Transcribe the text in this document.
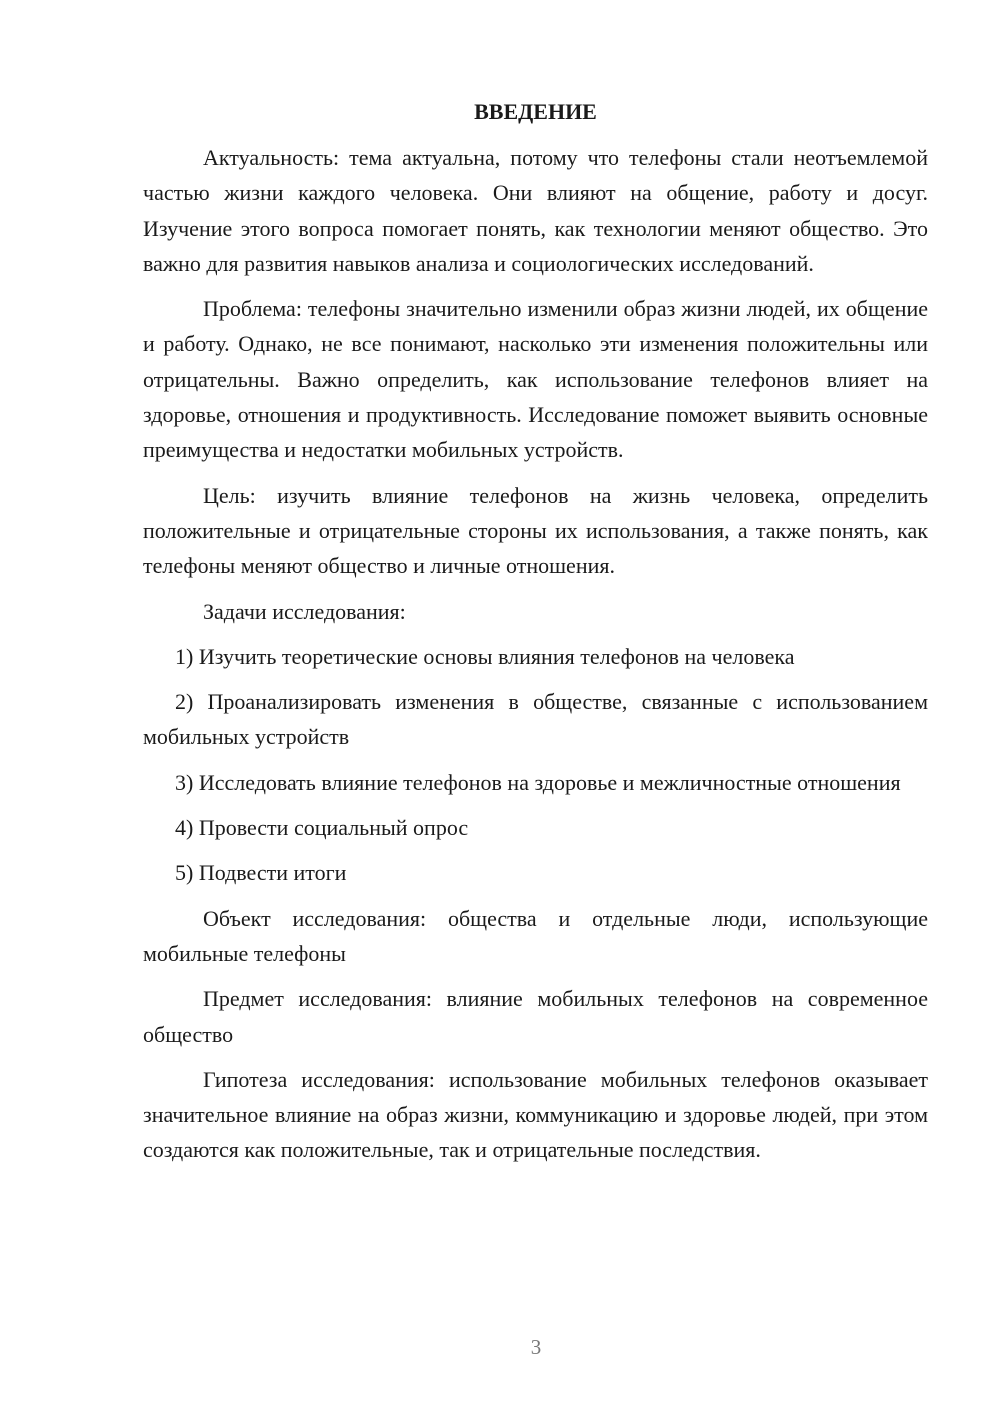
ВВЕДЕНИЕ

Актуальность: тема актуальна, потому что телефоны стали неотъемлемой частью жизни каждого человека. Они влияют на общение, работу и досуг. Изучение этого вопроса помогает понять, как технологии меняют общество. Это важно для развития навыков анализа и социологических исследований.

Проблема: телефоны значительно изменили образ жизни людей, их общение и работу. Однако, не все понимают, насколько эти изменения положительны или отрицательны. Важно определить, как использование телефонов влияет на здоровье, отношения и продуктивность. Исследование поможет выявить основные преимущества и недостатки мобильных устройств.

Цель: изучить влияние телефонов на жизнь человека, определить положительные и отрицательные стороны их использования, а также понять, как телефоны меняют общество и личные отношения.

Задачи исследования:

1) Изучить теоретические основы влияния телефонов на человека

2) Проанализировать изменения в обществе, связанные с использованием мобильных устройств

3) Исследовать влияние телефонов на здоровье и межличностные отношения

4) Провести социальный опрос

5) Подвести итоги

Объект исследования: общества и отдельные люди, использующие мобильные телефоны

Предмет исследования: влияние мобильных телефонов на современное общество

Гипотеза исследования: использование мобильных телефонов оказывает значительное влияние на образ жизни, коммуникацию и здоровье людей, при этом создаются как положительные, так и отрицательные последствия.

3
